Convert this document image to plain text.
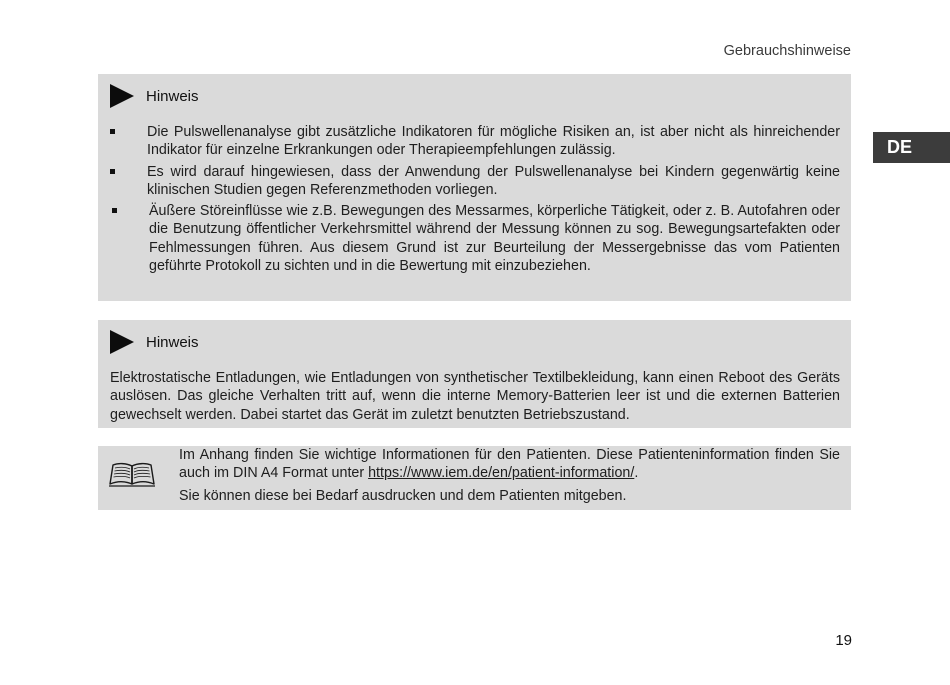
Gebrauchshinweise
DE
Hinweis
Die Pulswellenanalyse gibt zusätzliche Indikatoren für mögliche Risiken an, ist aber nicht als hinreichender Indikator für einzelne Erkrankungen oder Therapieempfehlungen zulässig.
Es wird darauf hingewiesen, dass der Anwendung der Pulswellenanalyse bei Kindern gegenwärtig keine klinischen Studien gegen Referenzmethoden vorliegen.
Äußere Störeinflüsse wie z.B. Bewegungen des Messarmes, körperliche Tätigkeit, oder z. B. Autofahren oder die Benutzung öffentlicher Verkehrsmittel während der Messung können zu sog. Bewegungsartefakten oder Fehlmessungen führen. Aus diesem Grund ist zur Beurteilung der Messergebnisse das vom Patienten geführte Protokoll zu sichten und in die Bewertung mit einzubeziehen.
Hinweis

Elektrostatische Entladungen, wie Entladungen von synthetischer Textilbekleidung, kann einen Reboot des Geräts auslösen. Das gleiche Verhalten tritt auf, wenn die interne Memory-Batterien leer ist und die externen Batterien gewechselt werden. Dabei startet das Gerät im zuletzt benutzten Betriebszustand.

Im Anhang finden Sie wichtige Informationen für den Patienten. Diese Patienteninformation finden Sie auch im DIN A4 Format unter https://www.iem.de/en/patient-information/.

Sie können diese bei Bedarf ausdrucken und dem Patienten mitgeben.

19
